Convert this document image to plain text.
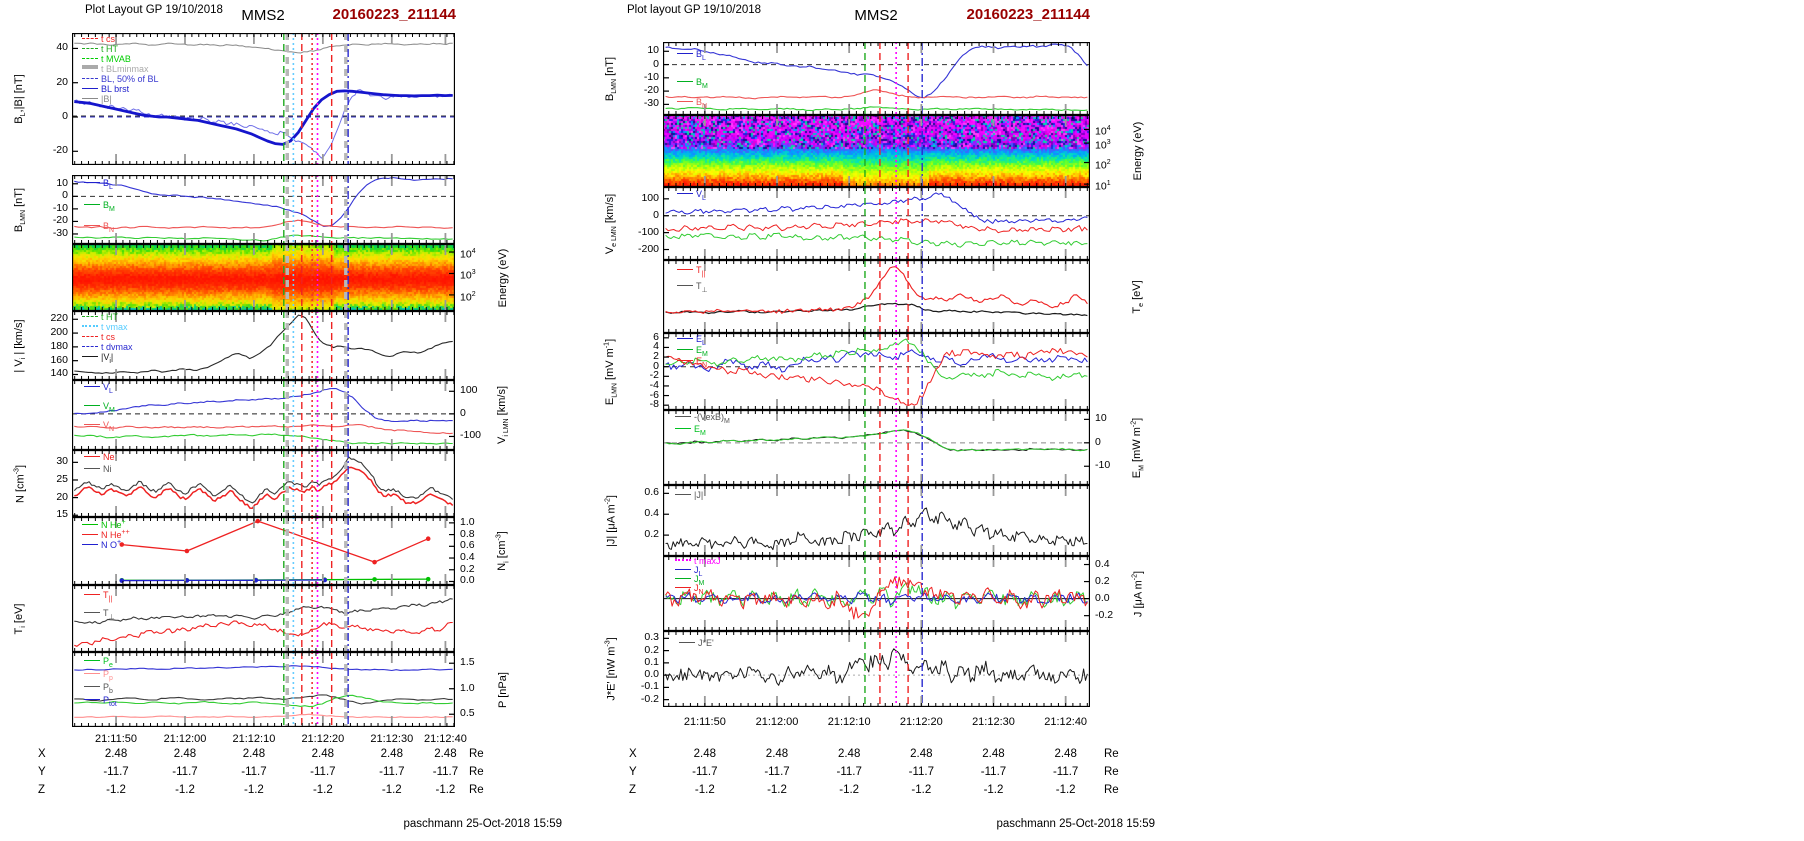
Plot Layout GP 19/10/2018	MMS2	20160223_211144	Plot layout GP 19/10/2018	MMS2	20160223_211144
40
20
0
-20
$B_L,|B|$ [nT]
t cs
t HT
t MVAB
t BLminmax
BL, 50% of BL
BL brst
|B|
10
0
-10
-20
-30
$B_{LMN}$ [nT]
$B_L$
$B_M$
$B_N$
$10^4$
$10^3$
$10^2$	Energy (eV)
220
200
180
160
140
| $V_i$ | [km/s]
t HT
t vmax
t cs
t dvmax
$|V_i|$
100
0
-100	$V_{i LMN}$ [km/s]
$V_L$
$V_M$
$V_N$
30
25
20
15
N $[cm^{-3}]$
Ne
Ni
1.0
0.8
0.6
0.4
0.2
0.0
$N_i$ $[cm^{-3}]$
N He+
N He++
N O+
$T_i$ [eV]
$T_{||}$
$T_\perp$
1.5
1.0
0.5
P [nPa]
$P_e$
$P_p$
$P_b$
$P_{tot}$
21:11:50	21:12:00	21:12:10	21:12:20	21:12:30 21:12:40
X	2.48	2.48	2.48	2.48	2.48	2.48	Re
Y	-11.7	-11.7	-11.7	-11.7	-11.7	-11.7 Re
Z	-1.2	-1.2	-1.2	-1.2	-1.2	-1.2	Re
10
0
-10
-20
-30
$B_{LMN}$ [nT]
$B_L$
$B_M$
$B_N$
$10^4$
$10^3$
$10^2$
$10^1$
Energy (eV)
100
0
-100
-200
$V_{e LMN}$ [km/s]	$V_L$
$T_e$ [eV]
$T_{||}$
$T_\perp$
6
4
2
0
-2
-4
-6
-8
$E_{LMN}$ [mV $m^{-1}$]	$E_L$
$E_M$
$E_N$
10
0
-10
$E_M$ [mW $m^{-2}$]
$-(VexB)_M$
$E_M$
0.6
0.4
0.2
|J| [μA $m^{-2}$]	|J|
0.4
0.2
0.0
-0.2	J [μA $m^{-2}$]
t maxJ
$J_L$
$J_M$
$J_N$
0.3
0.2
0.1
0.0
-0.1
-0.2
J*E' [nW $m^{-3}$]	J*E'
21:11:50	21:12:00	21:12:10	21:12:20	21:12:30	21:12:40
X	2.48	2.48	2.48	2.48	2.48	2.48	Re
Y	-11.7	-11.7	-11.7	-11.7	-11.7	-11.7	Re
Z	-1.2	-1.2	-1.2	-1.2	-1.2	-1.2	Re
paschmann 25-Oct-2018 15:59	paschmann 25-Oct-2018 15:59
